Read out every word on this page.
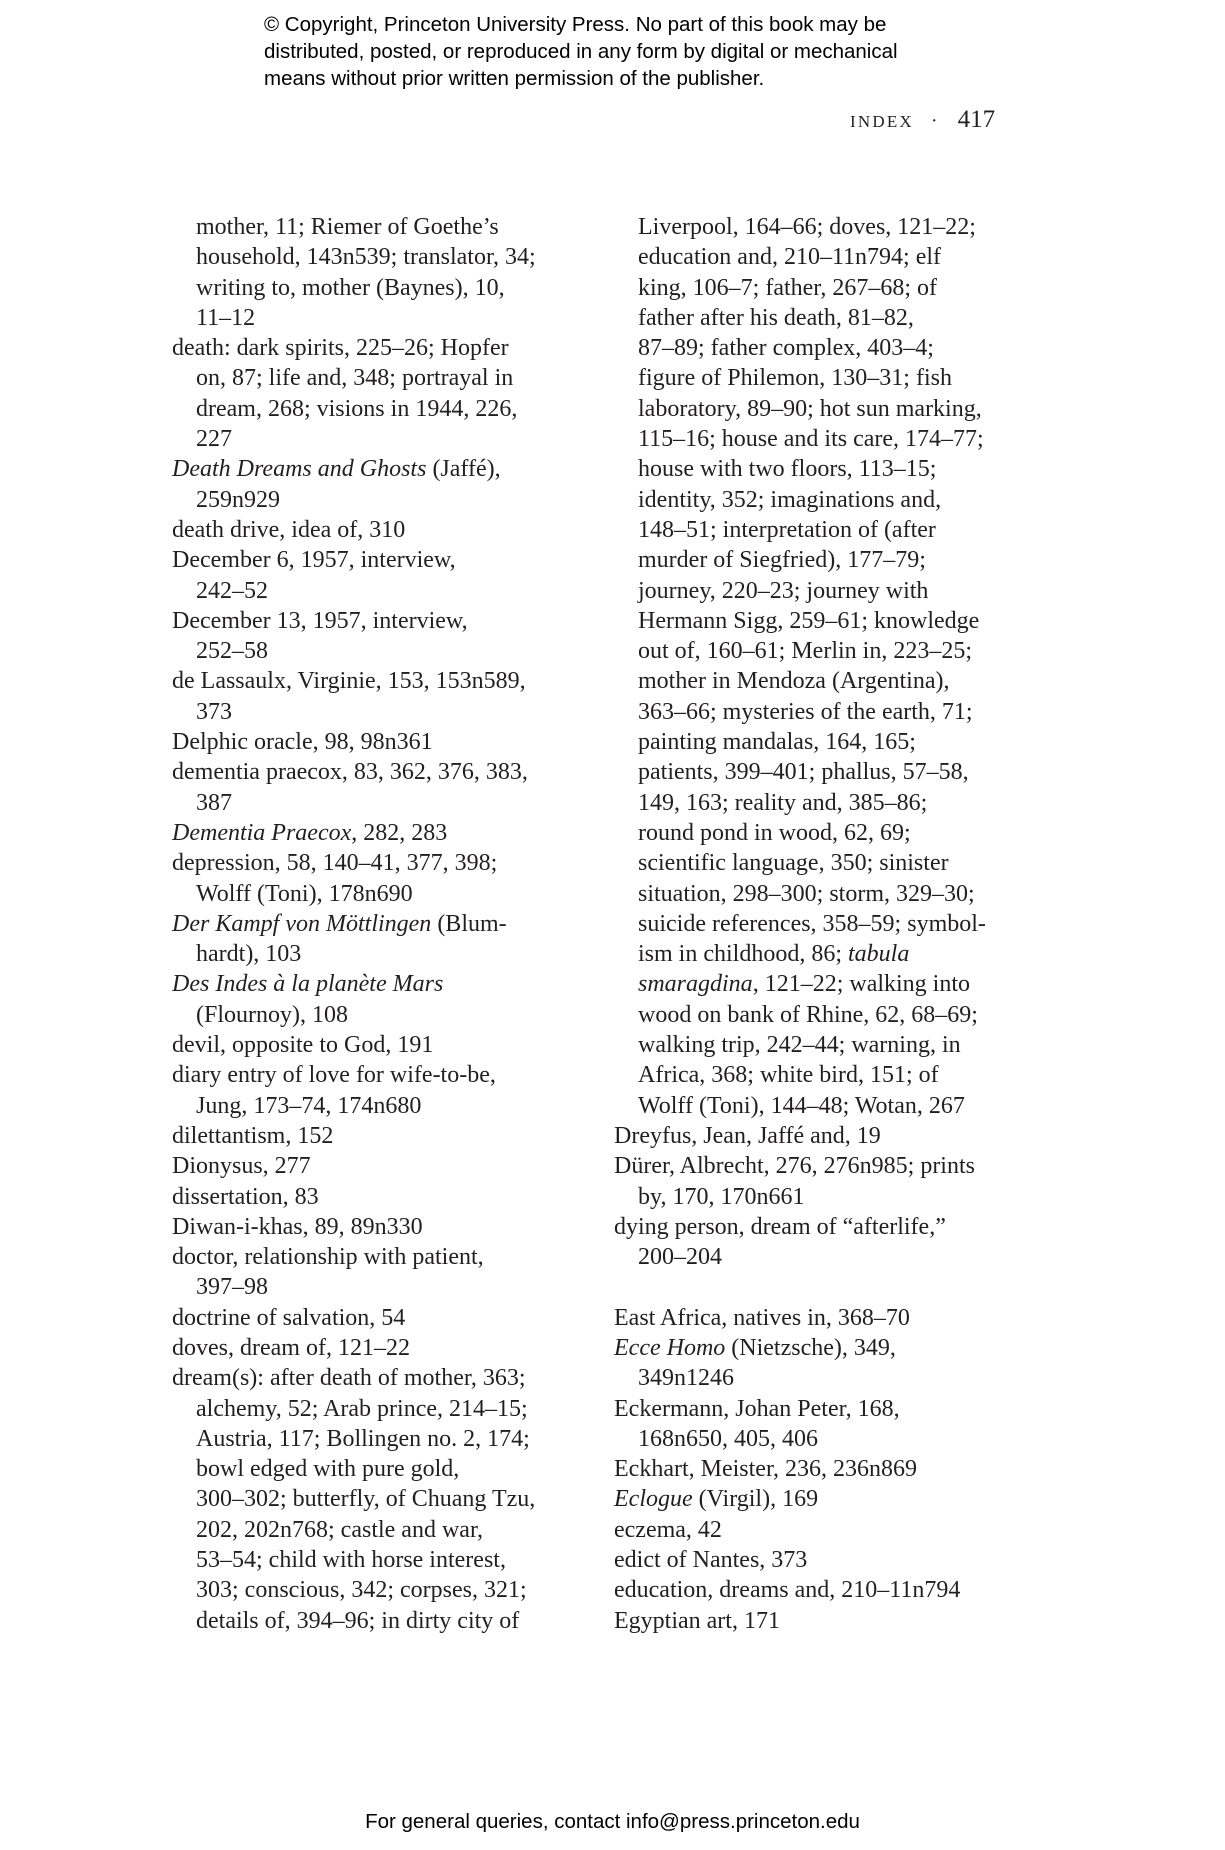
© Copyright, Princeton University Press. No part of this book may be
distributed, posted, or reproduced in any form by digital or mechanical
means without prior written permission of the publisher.
INDEX · 417
mother, 11; Riemer of Goethe’s
household, 143n539; translator, 34;
writing to, mother (Baynes), 10,
11–12
death: dark spirits, 225–26; Hopfer
on, 87; life and, 348; portrayal in
dream, 268; visions in 1944, 226,
227
Death Dreams and Ghosts (Jaffé),
259n929
death drive, idea of, 310
December 6, 1957, interview,
242–52
December 13, 1957, interview,
252–58
de Lassaulx, Virginie, 153, 153n589,
373
Delphic oracle, 98, 98n361
dementia praecox, 83, 362, 376, 383,
387
Dementia Praecox, 282, 283
depression, 58, 140–41, 377, 398;
Wolff (Toni), 178n690
Der Kampf von Möttlingen (Blum-
hardt), 103
Des Indes à la planète Mars
(Flournoy), 108
devil, opposite to God, 191
diary entry of love for wife-to-be,
Jung, 173–74, 174n680
dilettantism, 152
Dionysus, 277
dissertation, 83
Diwan-i-khas, 89, 89n330
doctor, relationship with patient,
397–98
doctrine of salvation, 54
doves, dream of, 121–22
dream(s): after death of mother, 363;
alchemy, 52; Arab prince, 214–15;
Austria, 117; Bollingen no. 2, 174;
bowl edged with pure gold,
300–302; butterfly, of Chuang Tzu,
202, 202n768; castle and war,
53–54; child with horse interest,
303; conscious, 342; corpses, 321;
details of, 394–96; in dirty city of
Liverpool, 164–66; doves, 121–22;
education and, 210–11n794; elf
king, 106–7; father, 267–68; of
father after his death, 81–82,
87–89; father complex, 403–4;
figure of Philemon, 130–31; fish
laboratory, 89–90; hot sun marking,
115–16; house and its care, 174–77;
house with two floors, 113–15;
identity, 352; imaginations and,
148–51; interpretation of (after
murder of Siegfried), 177–79;
journey, 220–23; journey with
Hermann Sigg, 259–61; knowledge
out of, 160–61; Merlin in, 223–25;
mother in Mendoza (Argentina),
363–66; mysteries of the earth, 71;
painting mandalas, 164, 165;
patients, 399–401; phallus, 57–58,
149, 163; reality and, 385–86;
round pond in wood, 62, 69;
scientific language, 350; sinister
situation, 298–300; storm, 329–30;
suicide references, 358–59; symbol-
ism in childhood, 86; tabula
smaragdina, 121–22; walking into
wood on bank of Rhine, 62, 68–69;
walking trip, 242–44; warning, in
Africa, 368; white bird, 151; of
Wolff (Toni), 144–48; Wotan, 267
Dreyfus, Jean, Jaffé and, 19
Dürer, Albrecht, 276, 276n985; prints
by, 170, 170n661
dying person, dream of “afterlife,”
200–204
East Africa, natives in, 368–70
Ecce Homo (Nietzsche), 349,
349n1246
Eckermann, Johan Peter, 168,
168n650, 405, 406
Eckhart, Meister, 236, 236n869
Eclogue (Virgil), 169
eczema, 42
edict of Nantes, 373
education, dreams and, 210–11n794
Egyptian art, 171
For general queries, contact info@press.princeton.edu
